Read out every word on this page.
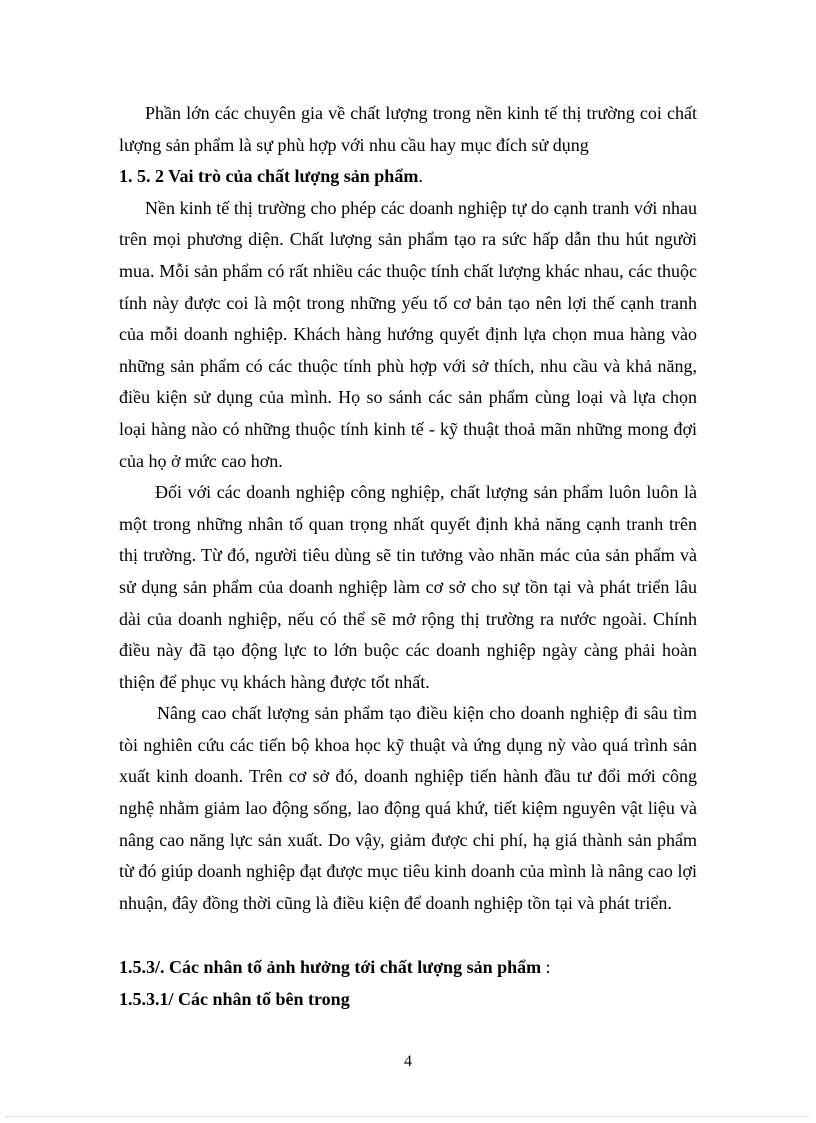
Phần lớn các chuyên gia về chất lượng trong nền kinh tế thị trường coi chất lượng sản phẩm là sự phù hợp với nhu cầu hay mục đích sử dụng

1. 5. 2 Vai trò của chất lượng sản phẩm.

Nền kinh tế thị trường cho phép các doanh nghiệp tự do cạnh tranh với nhau trên mọi phương diện. Chất lượng sản phẩm tạo ra sức hấp dẫn thu hút người mua. Mỗi sản phẩm có rất nhiều các thuộc tính chất lượng khác nhau, các thuộc tính này được coi là một trong những yếu tố cơ bản tạo nên lợi thế cạnh tranh của mỗi doanh nghiệp. Khách hàng hướng quyết định lựa chọn mua hàng vào những sản phẩm có các thuộc tính phù hợp với sở thích, nhu cầu và khả năng, điều kiện sử dụng của mình. Họ so sánh các sản phẩm cùng loại và lựa chọn loại hàng nào có những thuộc tính kinh tế - kỹ thuật thoả mãn những mong đợi của họ ở mức cao hơn.

Đối với các doanh nghiệp công nghiệp, chất lượng sản phẩm luôn luôn là một trong những nhân tố quan trọng nhất quyết định khả năng cạnh tranh trên thị trường. Từ đó, người tiêu dùng sẽ tin tưởng vào nhãn mác của sản phẩm và sử dụng sản phẩm của doanh nghiệp làm cơ sở cho sự tồn tại và phát triển lâu dài của doanh nghiệp, nếu có thể sẽ mở rộng thị trường ra nước ngoài. Chính điều này đã tạo động lực to lớn buộc các doanh nghiệp ngày càng phải hoàn thiện để phục vụ khách hàng được tốt nhất.

Nâng cao chất lượng sản phẩm tạo điều kiện cho doanh nghiệp đi sâu tìm tòi nghiên cứu các tiến bộ khoa học kỹ thuật và ứng dụng nỳ vào quá trình sản xuất kinh doanh. Trên cơ sở đó, doanh nghiệp tiến hành đầu tư đổi mới công nghệ nhằm giảm lao động sống, lao động quá khứ, tiết kiệm nguyên vật liệu và nâng cao năng lực sản xuất. Do vậy, giảm được chi phí, hạ giá thành sản phẩm từ đó giúp doanh nghiệp đạt được mục tiêu kinh doanh của mình là nâng cao lợi nhuận, đây đồng thời cũng là điều kiện để doanh nghiệp tồn tại và phát triển.

1.5.3/. Các nhân tố ảnh hưởng tới chất lượng sản phẩm :
1.5.3.1/ Các nhân tố bên trong
4
